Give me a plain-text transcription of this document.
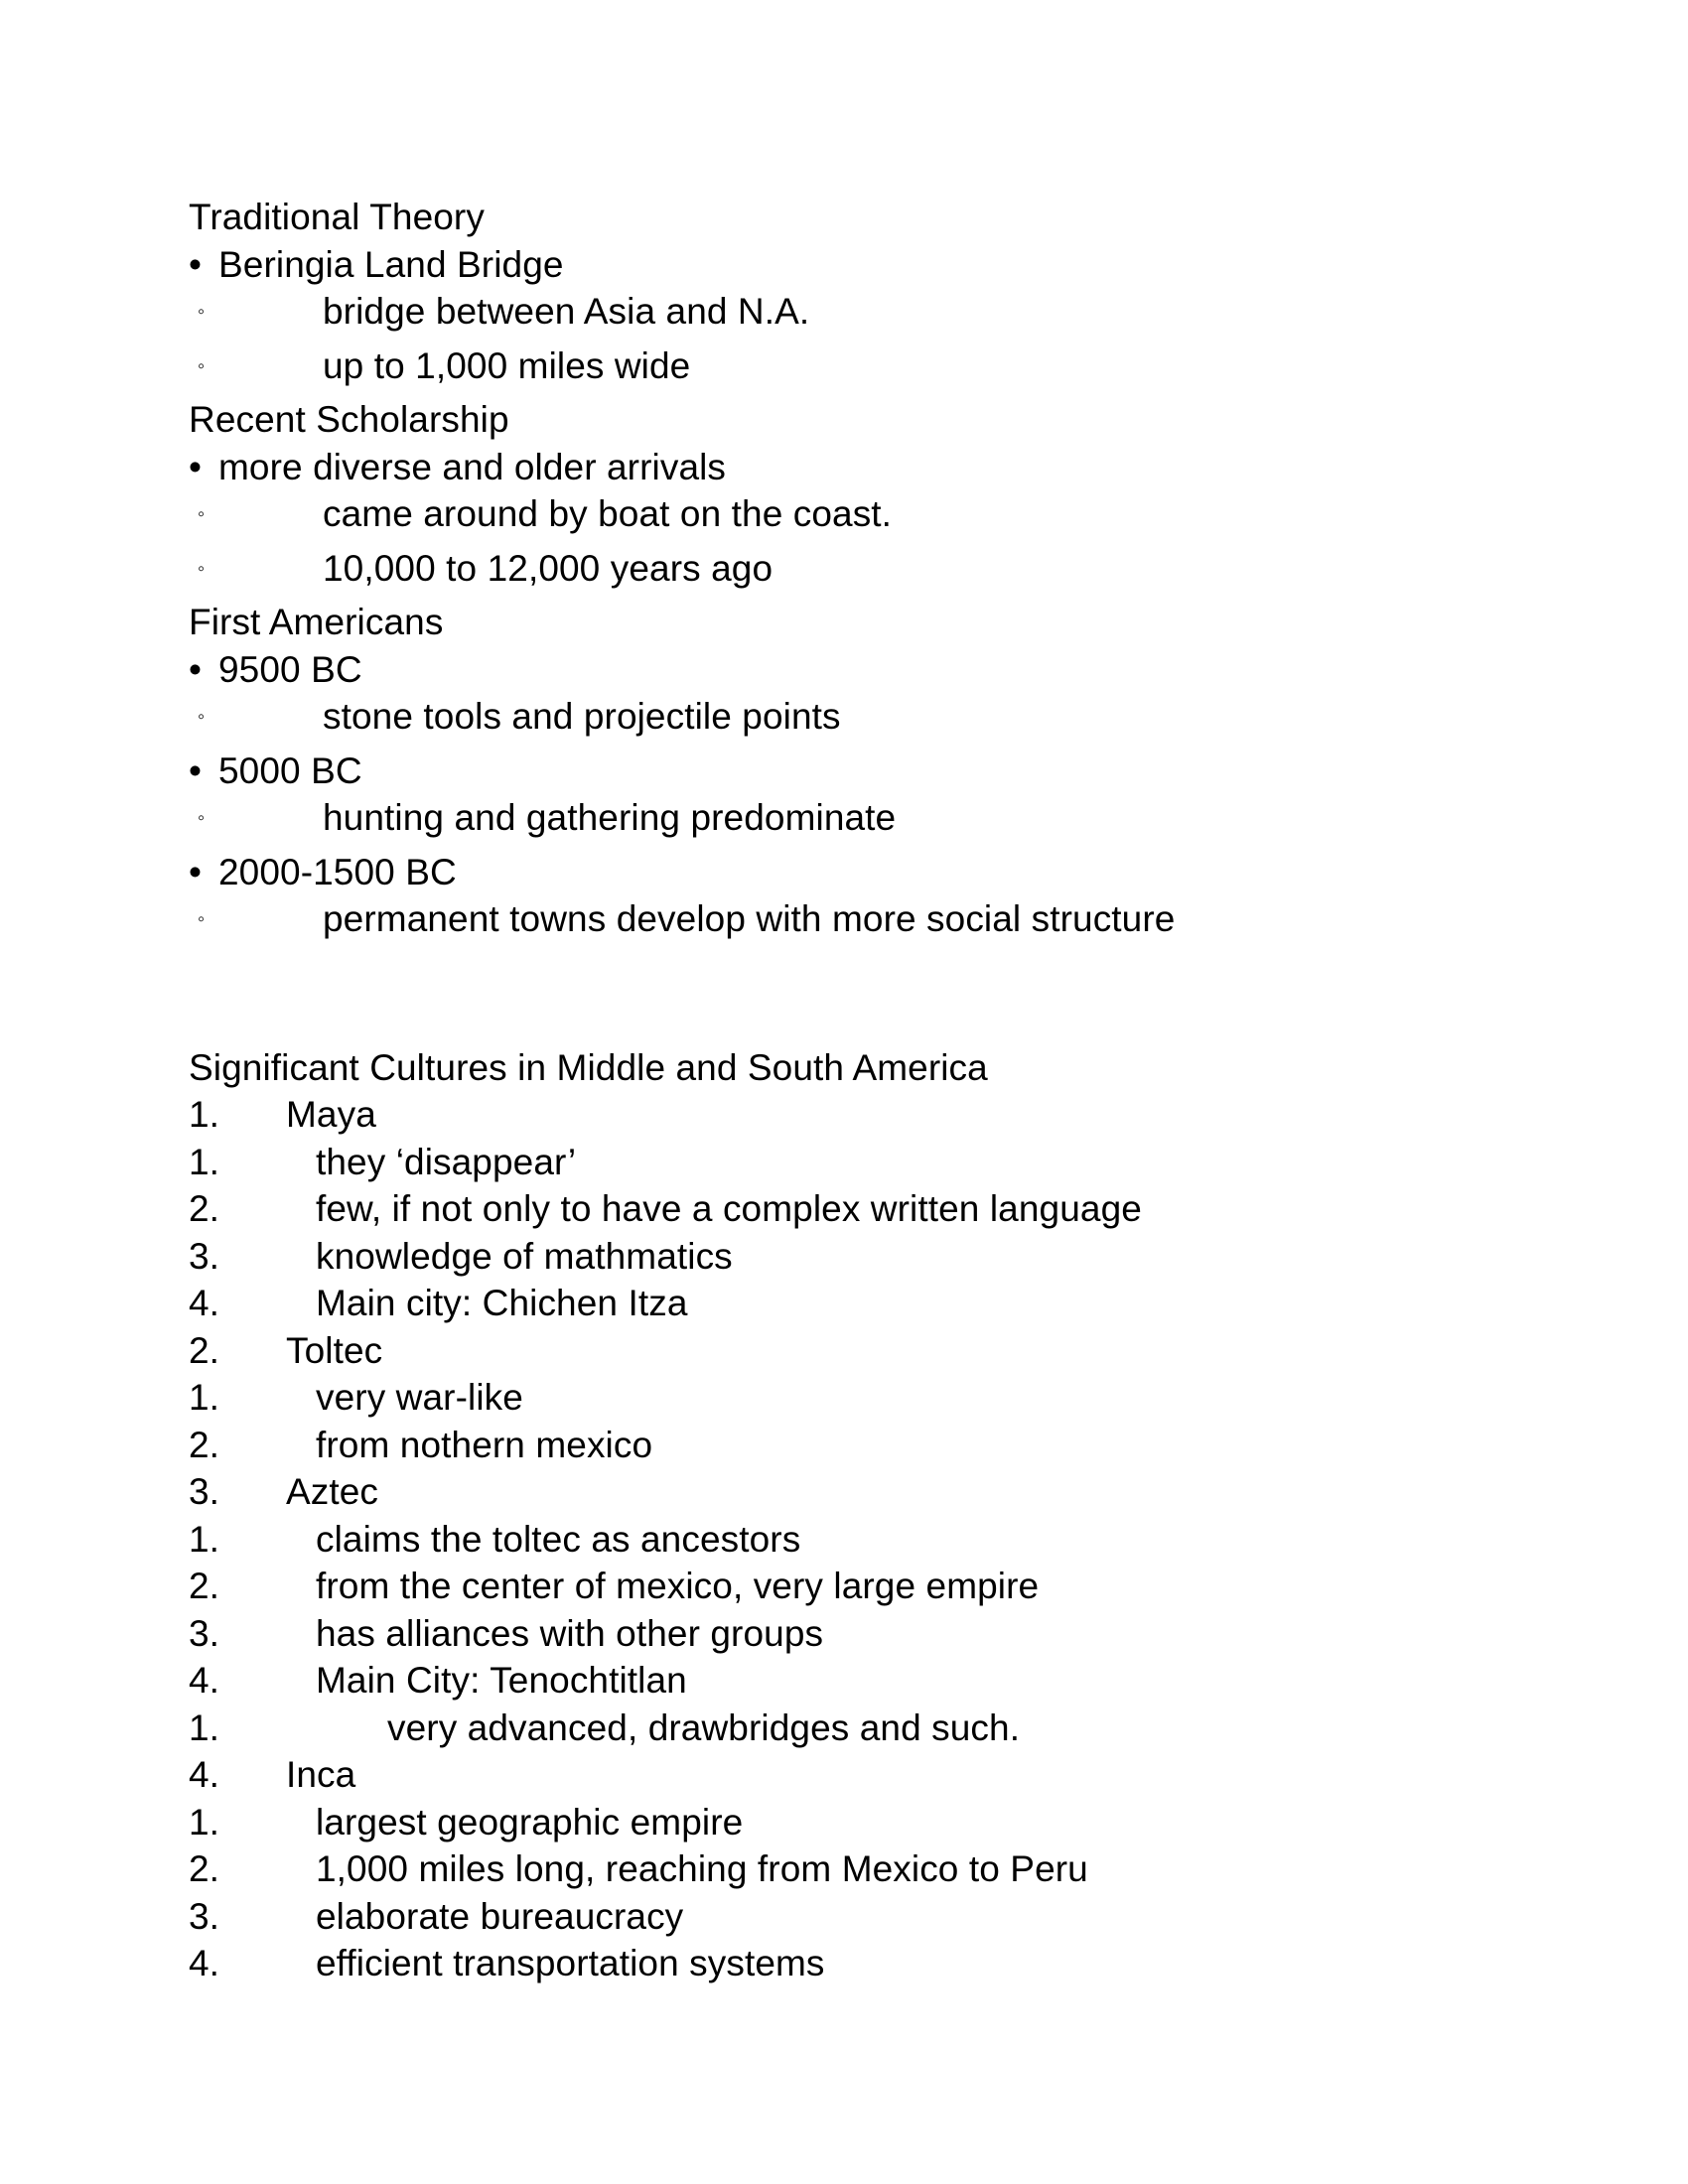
Traditional Theory
• Beringia Land Bridge
◦	bridge between Asia and N.A.
◦	up to 1,000 miles wide
Recent Scholarship
• more diverse and older arrivals
◦	came around by boat on the coast.
◦	10,000 to 12,000 years ago
First Americans
• 9500 BC
◦	stone tools and projectile points
• 5000 BC
◦	hunting and gathering predominate
• 2000-1500 BC
◦	permanent towns develop with more social structure
Significant Cultures in Middle and South America
1. Maya
1.	they ‘disappear’
2.	few, if not only to have a complex written language
3.	knowledge of mathmatics
4.	Main city: Chichen Itza
2. Toltec
1.	very war-like
2.	from nothern mexico
3. Aztec
1.	claims the toltec as ancestors
2.	from the center of mexico, very large empire
3.	has alliances with other groups
4.	Main City: Tenochtitlan
1.	very advanced, drawbridges and such.
4. Inca
1.	largest geographic empire
2.	1,000 miles long, reaching from Mexico to Peru
3.	elaborate bureaucracy
4.	efficient transportation systems
